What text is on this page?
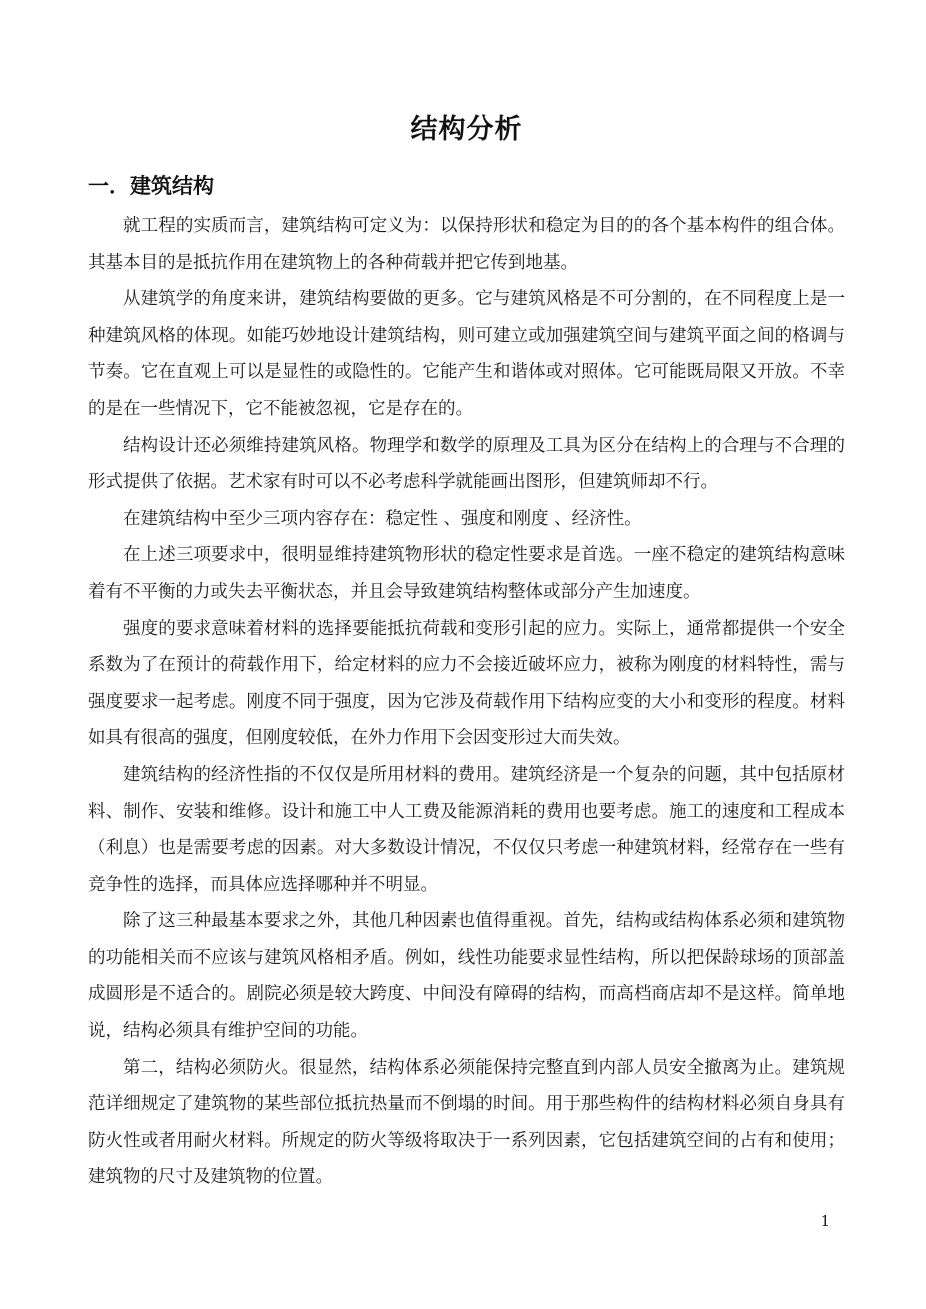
结构分析
一．建筑结构

就工程的实质而言，建筑结构可定义为：以保持形状和稳定为目的的各个基本构件的组合体。其基本目的是抵抗作用在建筑物上的各种荷载并把它传到地基。

从建筑学的角度来讲，建筑结构要做的更多。它与建筑风格是不可分割的，在不同程度上是一种建筑风格的体现。如能巧妙地设计建筑结构，则可建立或加强建筑空间与建筑平面之间的格调与节奏。它在直观上可以是显性的或隐性的。它能产生和谐体或对照体。它可能既局限又开放。不幸的是在一些情况下，它不能被忽视，它是存在的。

结构设计还必须维持建筑风格。物理学和数学的原理及工具为区分在结构上的合理与不合理的形式提供了依据。艺术家有时可以不必考虑科学就能画出图形，但建筑师却不行。

在建筑结构中至少三项内容存在：稳定性 、强度和刚度 、经济性。

在上述三项要求中，很明显维持建筑物形状的稳定性要求是首选。一座不稳定的建筑结构意味着有不平衡的力或失去平衡状态，并且会导致建筑结构整体或部分产生加速度。

强度的要求意味着材料的选择要能抵抗荷载和变形引起的应力。实际上，通常都提供一个安全系数为了在预计的荷载作用下，给定材料的应力不会接近破坏应力，被称为刚度的材料特性，需与强度要求一起考虑。刚度不同于强度，因为它涉及荷载作用下结构应变的大小和变形的程度。材料如具有很高的强度，但刚度较低，在外力作用下会因变形过大而失效。

建筑结构的经济性指的不仅仅是所用材料的费用。建筑经济是一个复杂的问题，其中包括原材料、制作、安装和维修。设计和施工中人工费及能源消耗的费用也要考虑。施工的速度和工程成本（利息）也是需要考虑的因素。对大多数设计情况，不仅仅只考虑一种建筑材料，经常存在一些有竞争性的选择，而具体应选择哪种并不明显。

除了这三种最基本要求之外，其他几种因素也值得重视。首先，结构或结构体系必须和建筑物的功能相关而不应该与建筑风格相矛盾。例如，线性功能要求显性结构，所以把保龄球场的顶部盖成圆形是不适合的。剧院必须是较大跨度、中间没有障碍的结构，而高档商店却不是这样。简单地说，结构必须具有维护空间的功能。

第二，结构必须防火。很显然，结构体系必须能保持完整直到内部人员安全撤离为止。建筑规范详细规定了建筑物的某些部位抵抗热量而不倒塌的时间。用于那些构件的结构材料必须自身具有防火性或者用耐火材料。所规定的防火等级将取决于一系列因素，它包括建筑空间的占有和使用；建筑物的尺寸及建筑物的位置。

1
